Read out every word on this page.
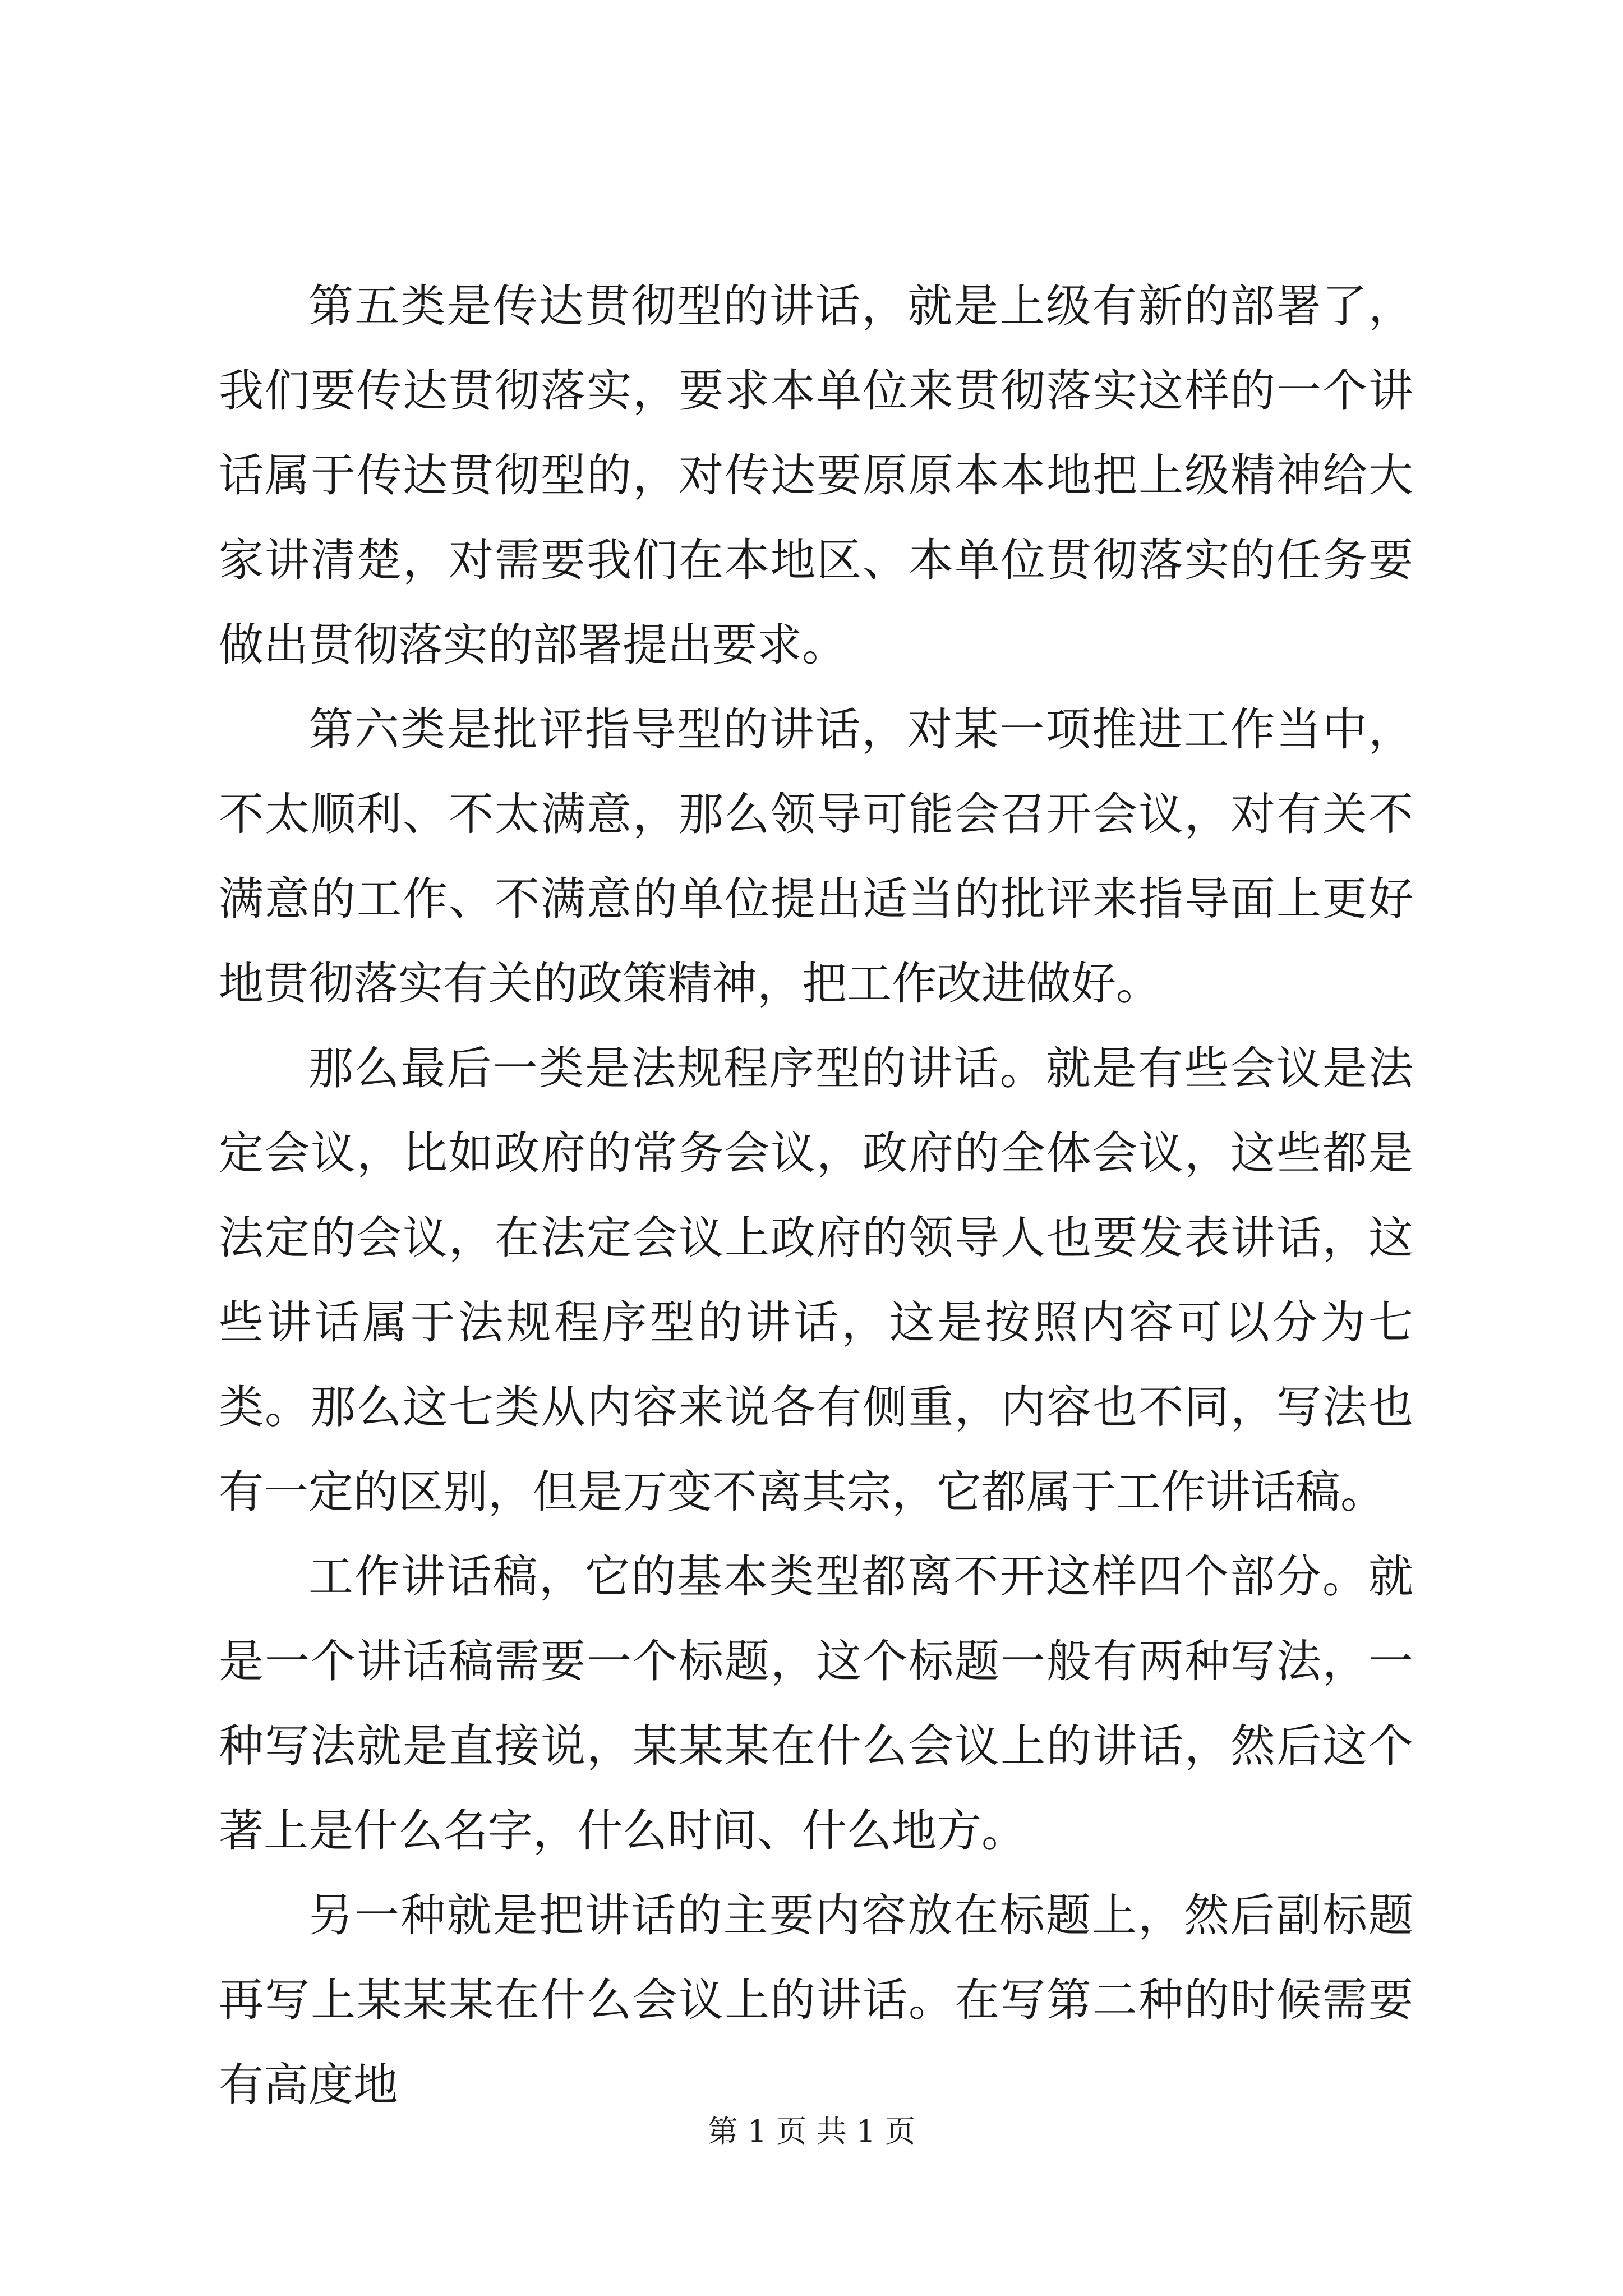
第五类是传达贯彻型的讲话，就是上级有新的部署了，我们要传达贯彻落实，要求本单位来贯彻落实这样的一个讲话属于传达贯彻型的，对传达要原原本本地把上级精神给大家讲清楚，对需要我们在本地区、本单位贯彻落实的任务要做出贯彻落实的部署提出要求。

第六类是批评指导型的讲话，对某一项推进工作当中，不太顺利、不太满意，那么领导可能会召开会议，对有关不满意的工作、不满意的单位提出适当的批评来指导面上更好地贯彻落实有关的政策精神，把工作改进做好。

那么最后一类是法规程序型的讲话。就是有些会议是法定会议，比如政府的常务会议，政府的全体会议，这些都是法定的会议，在法定会议上政府的领导人也要发表讲话，这些讲话属于法规程序型的讲话，这是按照内容可以分为七类。那么这七类从内容来说各有侧重，内容也不同，写法也有一定的区别，但是万变不离其宗，它都属于工作讲话稿。

工作讲话稿，它的基本类型都离不开这样四个部分。就是一个讲话稿需要一个标题，这个标题一般有两种写法，一种写法就是直接说，某某某在什么会议上的讲话，然后这个著上是什么名字，什么时间、什么地方。

另一种就是把讲话的主要内容放在标题上，然后副标题再写上某某某在什么会议上的讲话。在写第二种的时候需要有高度地

第 1 页 共 1 页
